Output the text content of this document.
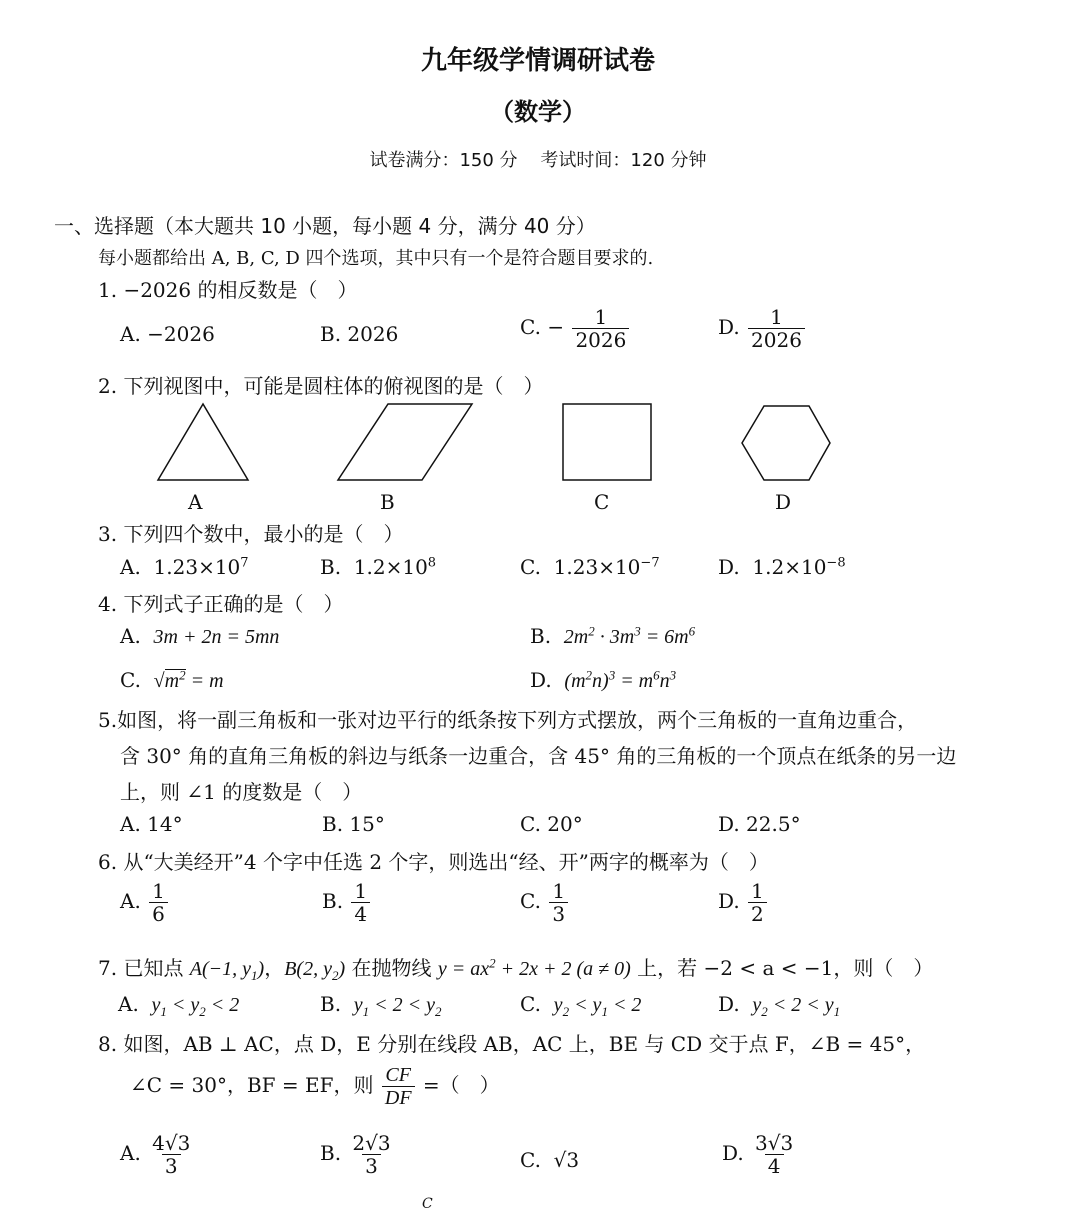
九年级学情调研试卷
（数学）
试卷满分：150 分    考试时间：120 分钟
一、选择题（本大题共 10 小题，每小题 4 分，满分 40 分）
每小题都给出 A, B, C, D 四个选项，其中只有一个是符合题目要求的.
1. −2026 的相反数是（　）
A. −2026	B. 2026	C. − $\frac{1}{2026}$	D. $\frac{1}{2026}$
2. 下列视图中，可能是圆柱体的俯视图的是（　）
A	B	C	D
3. 下列四个数中，最小的是（　）
A. $1.23\times 10^7$	B. $1.2\times 10^8$	C. $1.23\times 10^{-7}$	D. $1.2\times 10^{-8}$
4. 下列式子正确的是（　）
A. 3m + 2n = 5mn	B. $2m^2 \cdot 3m^3 = 6m^6$
C. $√m^2 = m$	D. $(m^2n)^3 = m^6n^3$
5.如图，将一副三角板和一张对边平行的纸条按下列方式摆放，两个三角板的一直角边重合，
含 30° 角的直角三角板的斜边与纸条一边重合，含 45° 角的三角板的一个顶点在纸条的另一边
上，则 ∠1 的度数是（　）
A. 14°	B. 15°	C. 20°	D. 22.5°
6. 从“大美经开”4 个字中任选 2 个字，则选出“经、开”两字的概率为（　）
A. $\frac{1}{6}$	B. $\frac{1}{4}$	C. $\frac{1}{3}$	D. $\frac{1}{2}$
7. 已知点 A(−1, $y_1$)，B(2, $y_2$) 在抛物线 $y = ax^2 + 2x + 2$ (a ≠ 0) 上，若 −2 < a < −1，则（　）
A. $y_1 < y_2 < 2$	B. $y_1 < 2 < y_2$	C. $y_2 < y_1 < 2$	D. $y_2 < 2 < y_1$
8. 如图，AB ⊥ AC，点 D，E 分别在线段 AB，AC 上，BE 与 CD 交于点 F，∠B = 45°，
∠C = 30°，BF = EF，则 $\frac{CF}{DF}$ =（　）
A. $\frac{4√3}{3}$	B. $\frac{2√3}{3}$	C. √3	D. $\frac{3√3}{4}$
C
